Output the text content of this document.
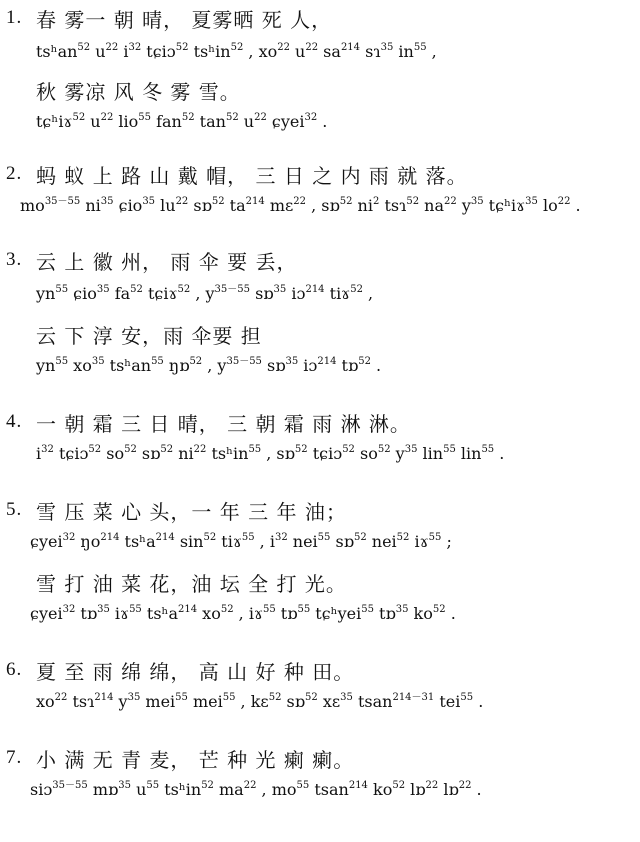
1. 春 雾一 朝 晴， 夏雾晒 死 人，
tsʰan$^{52}$ $u^{22}$ $i^{32}$ tɕiɔ$^{52}$ tsʰin$^{52}$ , $xo^{22}$ $u^{22}$ $sa^{214}$ sɿ$^{35}$ $in^{55}$ ,
秋 雾凉 风 冬 雾 雪。
tɕʰiɤ$^{52}$ $u^{22}$ lio$^{55}$ fan$^{52}$ $\tan^{52} u^{22}$ ɕyei$^{32}$ .
2. 蚂 蚁 上 路 山 戴 帽， 三 日 之 内 雨 就 落。
$mo^{35-55}$ $ni^{35}$ ɕio$^{35}$ $lu^{22}$ sɒ$^{52}$ $ta^{214}$ mɛ$^{22}$ , sɒ$^{52}$ $ni^2$ tsɿ$^{52}$ $na^{22}$ $y^{35}$ tɕʰiɤ$^{35}$ $lo^{22}$ .
3. 云 上 徽 州， 雨 伞 要 丢，
$yn^{55}$ ɕio$^{35}$ $fa^{52}$ tɕiɤ$^{52}$ , $y^{35-55}$ sɒ$^{35}$ iɔ$^{214}$ tiɤ$^{52}$ ,
云 下 淳 安，雨 伞要 担
$yn^{55}$ $xo^{35}$ tsʰan$^{55}$ ŋɒ$^{52}$ , $y^{35-55}$ sɒ$^{35}$ iɔ$^{214}$ tɒ$^{52}$ .
4. 一 朝 霜 三 日 晴， 三 朝 霜 雨 淋 淋。
$i^{32}$ tɕiɔ$^{52}$ $so^{52}$ sɒ$^{52}$ $ni^{22}$ tsʰin$^{55}$ , sɒ$^{52}$ tɕiɔ$^{52}$ $so^{52}$ $y^{35}$ lin$^{55}$ lin$^{55}$ .
5. 雪 压 菜 心 头，一 年 三 年 油；
ɕyei$^{32}$ $ŋo^{214}$ tsʰa$^{214}$ $\sin^{52}$ tiɤ$^{55}$ , $i^{32}$ nei$^{55}$ sɒ$^{52}$ nei$^{52}$ iɤ$^{55}$ ;
雪 打 油 菜 花，油 坛 全 打 光。
ɕyei$^{32}$ tɒ$^{35}$ iɤ$^{55}$ tsʰa$^{214}$ $xo^{52}$ , iɤ$^{55}$ tɒ$^{55}$ tɕʰyei$^{55}$ tɒ$^{35}$ $ko^{52}$ .
6. 夏 至 雨 绵 绵， 高 山 好 种 田。
$xo^{22}$ tsɿ$^{214}$ $y^{35}$ mei$^{55}$ mei$^{55}$ , kɛ$^{52}$ sɒ$^{52}$ xɛ$^{35}$ tsan$^{214-31}$ tei$^{55}$ .
7. 小 满 无 青 麦， 芒 种 光 瘌 瘌。
siɔ$^{35-55}$ mɒ$^{35}$ $u^{55}$ tsʰin$^{52}$ $ma^{22}$ , $mo^{55}$ tsan$^{214}$ $ko^{52}$ lɒ$^{22}$ lɒ$^{22}$ .
